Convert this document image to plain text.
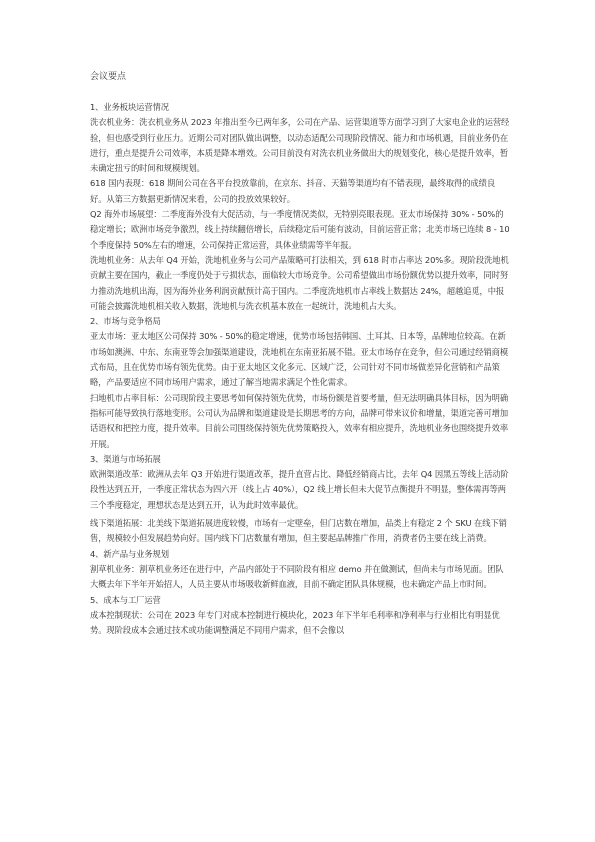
会议要点

1、业务板块运营情况

洗衣机业务：洗衣机业务从 2023 年推出至今已两年多，公司在产品、运营渠道等方面学习到了大家电企业的运营经验，但也感受到行业压力。近期公司对团队做出调整，以动态适配公司现阶段情况、能力和市场机遇，目前业务仍在进行，重点是提升公司效率，本质是降本增效。公司目前没有对洗衣机业务做出大的规划变化，核心是提升效率，暂未确定扭亏的时间和规模规划。

618 国内表现：618 期间公司在各平台投放靠前，在京东、抖音、天猫等渠道均有不错表现，最终取得的成绩良好。从第三方数据更新情况来看，公司的投放效果较好。

Q2 海外市场展望：二季度海外没有大促活动，与一季度情况类似，无特别亮眼表现。亚太市场保持 30% - 50%的稳定增长；欧洲市场竞争激烈，线上持续翻倍增长，后续稳定后可能有波动，目前运营正常；北美市场已连续 8 - 10 个季度保持 50%左右的增速，公司保持正常运营，具体业绩需等半年报。

洗地机业务：从去年 Q4 开始，洗地机业务与公司产品策略可打法相关，到 618 时市占率达 20%多。现阶段洗地机贡献主要在国内，截止一季度仍处于亏损状态，面临较大市场竞争。公司希望做出市场份额优势以提升效率，同时努力推动洗地机出海，因为海外业务利润贡献预计高于国内。二季度洗地机市占率线上数据达 24%，超越追觅，中报可能会披露洗地机相关收入数据，洗地机与洗衣机基本放在一起统计，洗地机占大头。

2、市场与竞争格局

亚太市场：亚太地区公司保持 30% - 50%的稳定增速，优势市场包括韩国、土耳其、日本等，品牌地位较高。在新市场如澳洲、中东、东南亚等会加强渠道建设，洗地机在东南亚拓展不错。亚太市场存在竞争，但公司通过经销商模式布局，且在优势市场有领先优势。由于亚太地区文化多元、区域广泛，公司针对不同市场做差异化营销和产品策略，产品要适应不同市场用户需求，通过了解当地需求满足个性化需求。

扫地机市占率目标：公司现阶段主要思考如何保持领先优势，市场份额是首要考量，但无法明确具体目标，因为明确指标可能导致执行落地变形。公司认为品牌和渠道建设是长期思考的方向，品牌可带来议价和增量，渠道完善可增加话语权和把控力度，提升效率。目前公司围绕保持领先优势策略投入，效率有相应提升，洗地机业务也围绕提升效率开展。

3、渠道与市场拓展

欧洲渠道改革：欧洲从去年 Q3 开始进行渠道改革，提升直营占比、降低经销商占比，去年 Q4 因黑五等线上活动阶段性达到五开，一季度正常状态为四六开（线上占 40%），Q2 线上增长但未大促节点衡提升不明显，整体需再等两三个季度稳定，理想状态是达到五开，认为此时效率最优。

线下渠道拓展：北美线下渠道拓展进度较慢，市场有一定壁垒，但门店数在增加，品类上有稳定 2 个 SKU 在线下销售，规模较小但发展趋势向好。国内线下门店数量有增加，但主要起品牌推广作用，消费者仍主要在线上消费。

4、新产品与业务规划

割草机业务：割草机业务还在进行中，产品内部处于不同阶段有相应 demo 并在做测试，但尚未与市场见面。团队大概去年下半年开始招人，人员主要从市场吸收新鲜血液，目前不确定团队具体规模，也未确定产品上市时间。

5、成本与工厂运营

成本控制现状：公司在 2023 年专门对成本控制进行模块化，2023 年下半年毛利率和净利率与行业相比有明显优势。现阶段成本会通过技术或功能调整满足不同用户需求，但不会像以
